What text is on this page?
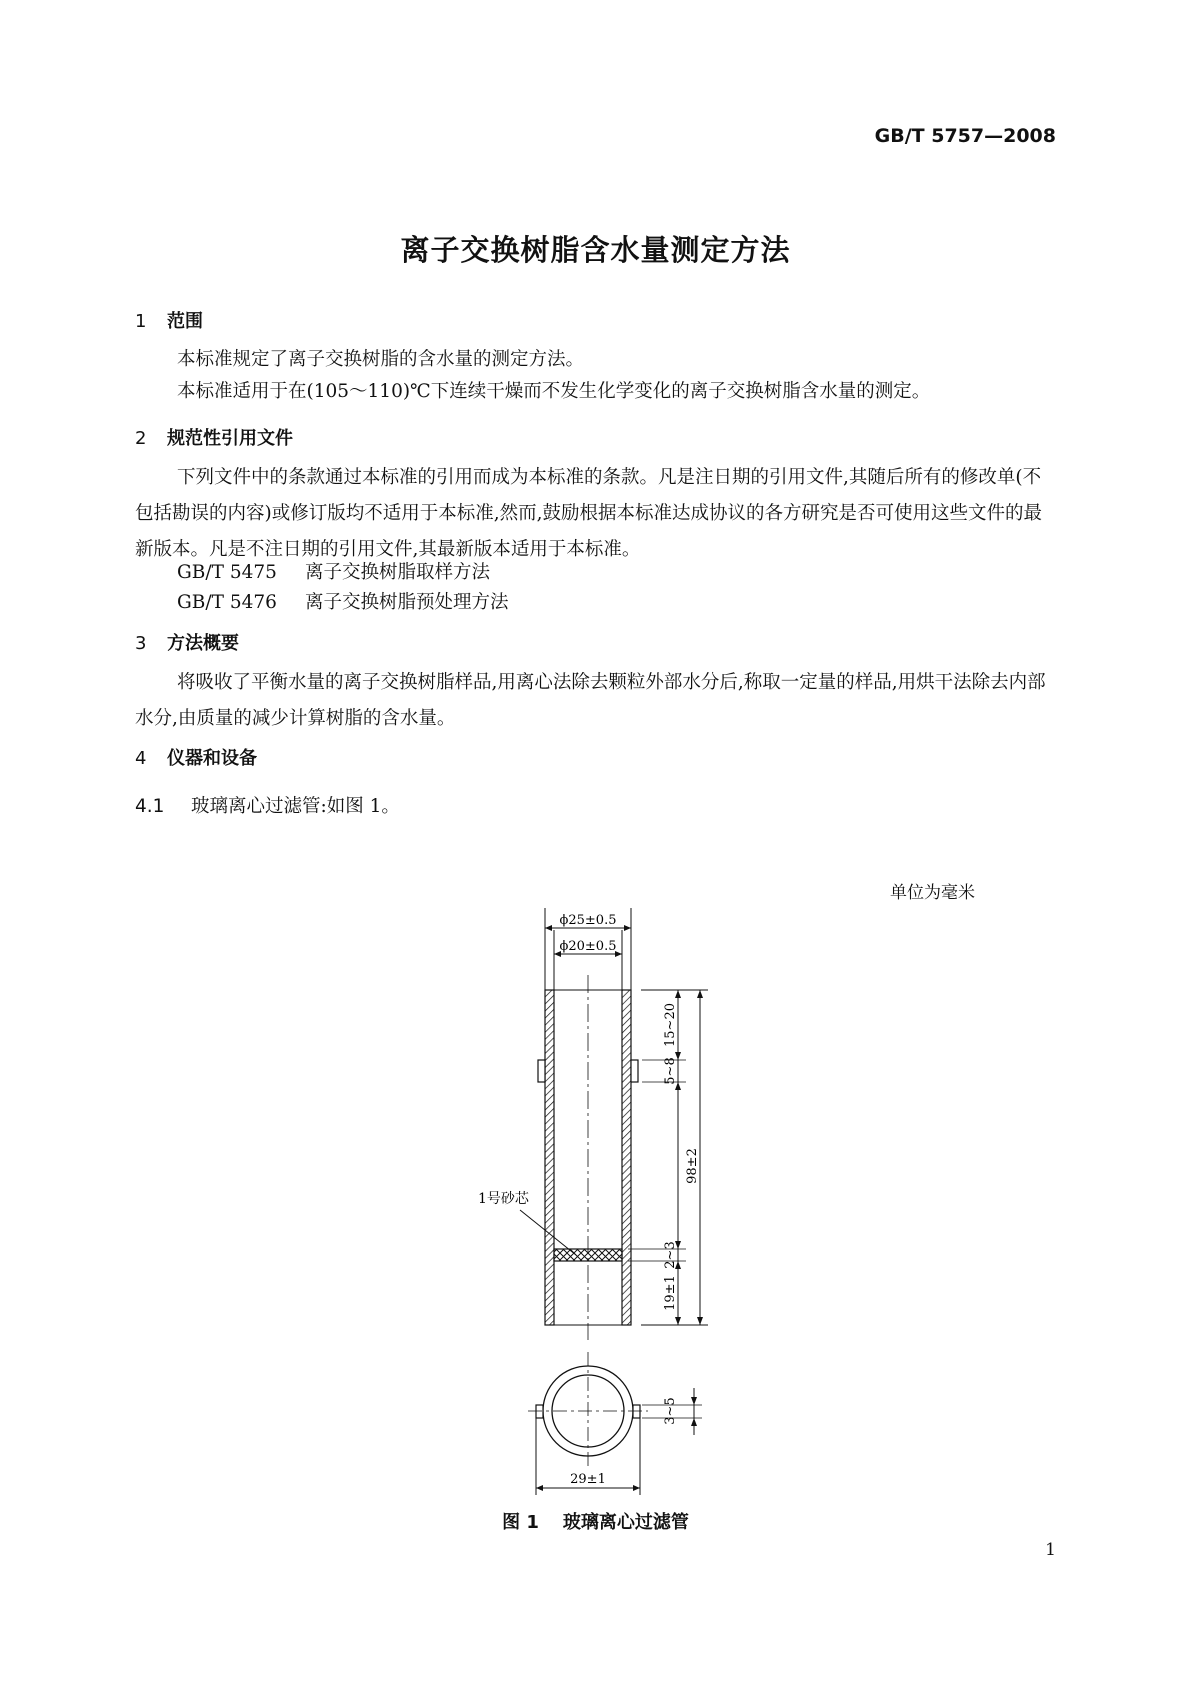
GB/T 5757—2008
离子交换树脂含水量测定方法
1 范围
本标准规定了离子交换树脂的含水量的测定方法。
本标准适用于在(105～110)℃下连续干燥而不发生化学变化的离子交换树脂含水量的测定。
2 规范性引用文件
下列文件中的条款通过本标准的引用而成为本标准的条款。凡是注日期的引用文件,其随后所有的修改单(不包括勘误的内容)或修订版均不适用于本标准,然而,鼓励根据本标准达成协议的各方研究是否可使用这些文件的最新版本。凡是不注日期的引用文件,其最新版本适用于本标准。
GB/T 5475 离子交换树脂取样方法
GB/T 5476 离子交换树脂预处理方法
3 方法概要
将吸收了平衡水量的离子交换树脂样品,用离心法除去颗粒外部水分后,称取一定量的样品,用烘干法除去内部水分,由质量的减少计算树脂的含水量。
4 仪器和设备
4.1 玻璃离心过滤管:如图 1。
单位为毫米
ϕ25±0.5
ϕ20±0.5
1号砂芯
15~20
5~8
98±2
2~3
19±1
3~5
29±1
图 1 玻璃离心过滤管
1
